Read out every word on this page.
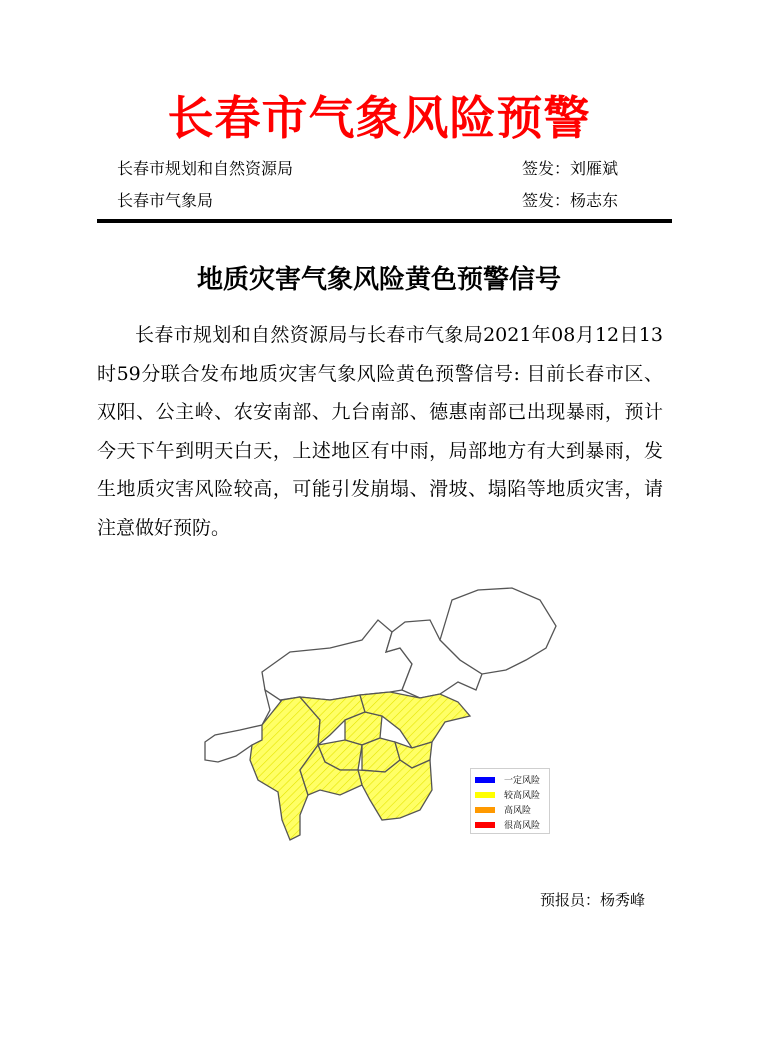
长春市气象风险预警
长春市规划和自然资源局	签发：刘雁斌
长春市气象局	签发：杨志东
地质灾害气象风险黄色预警信号

长春市规划和自然资源局与长春市气象局2021年08月12日13时59分联合发布地质灾害气象风险黄色预警信号: 目前长春市区、双阳、公主岭、农安南部、九台南部、德惠南部已出现暴雨，预计今天下午到明天白天，上述地区有中雨，局部地方有大到暴雨，发生地质灾害风险较高，可能引发崩塌、滑坡、塌陷等地质灾害，请注意做好预防。

一定风险
较高风险
高风险
很高风险
预报员：杨秀峰
